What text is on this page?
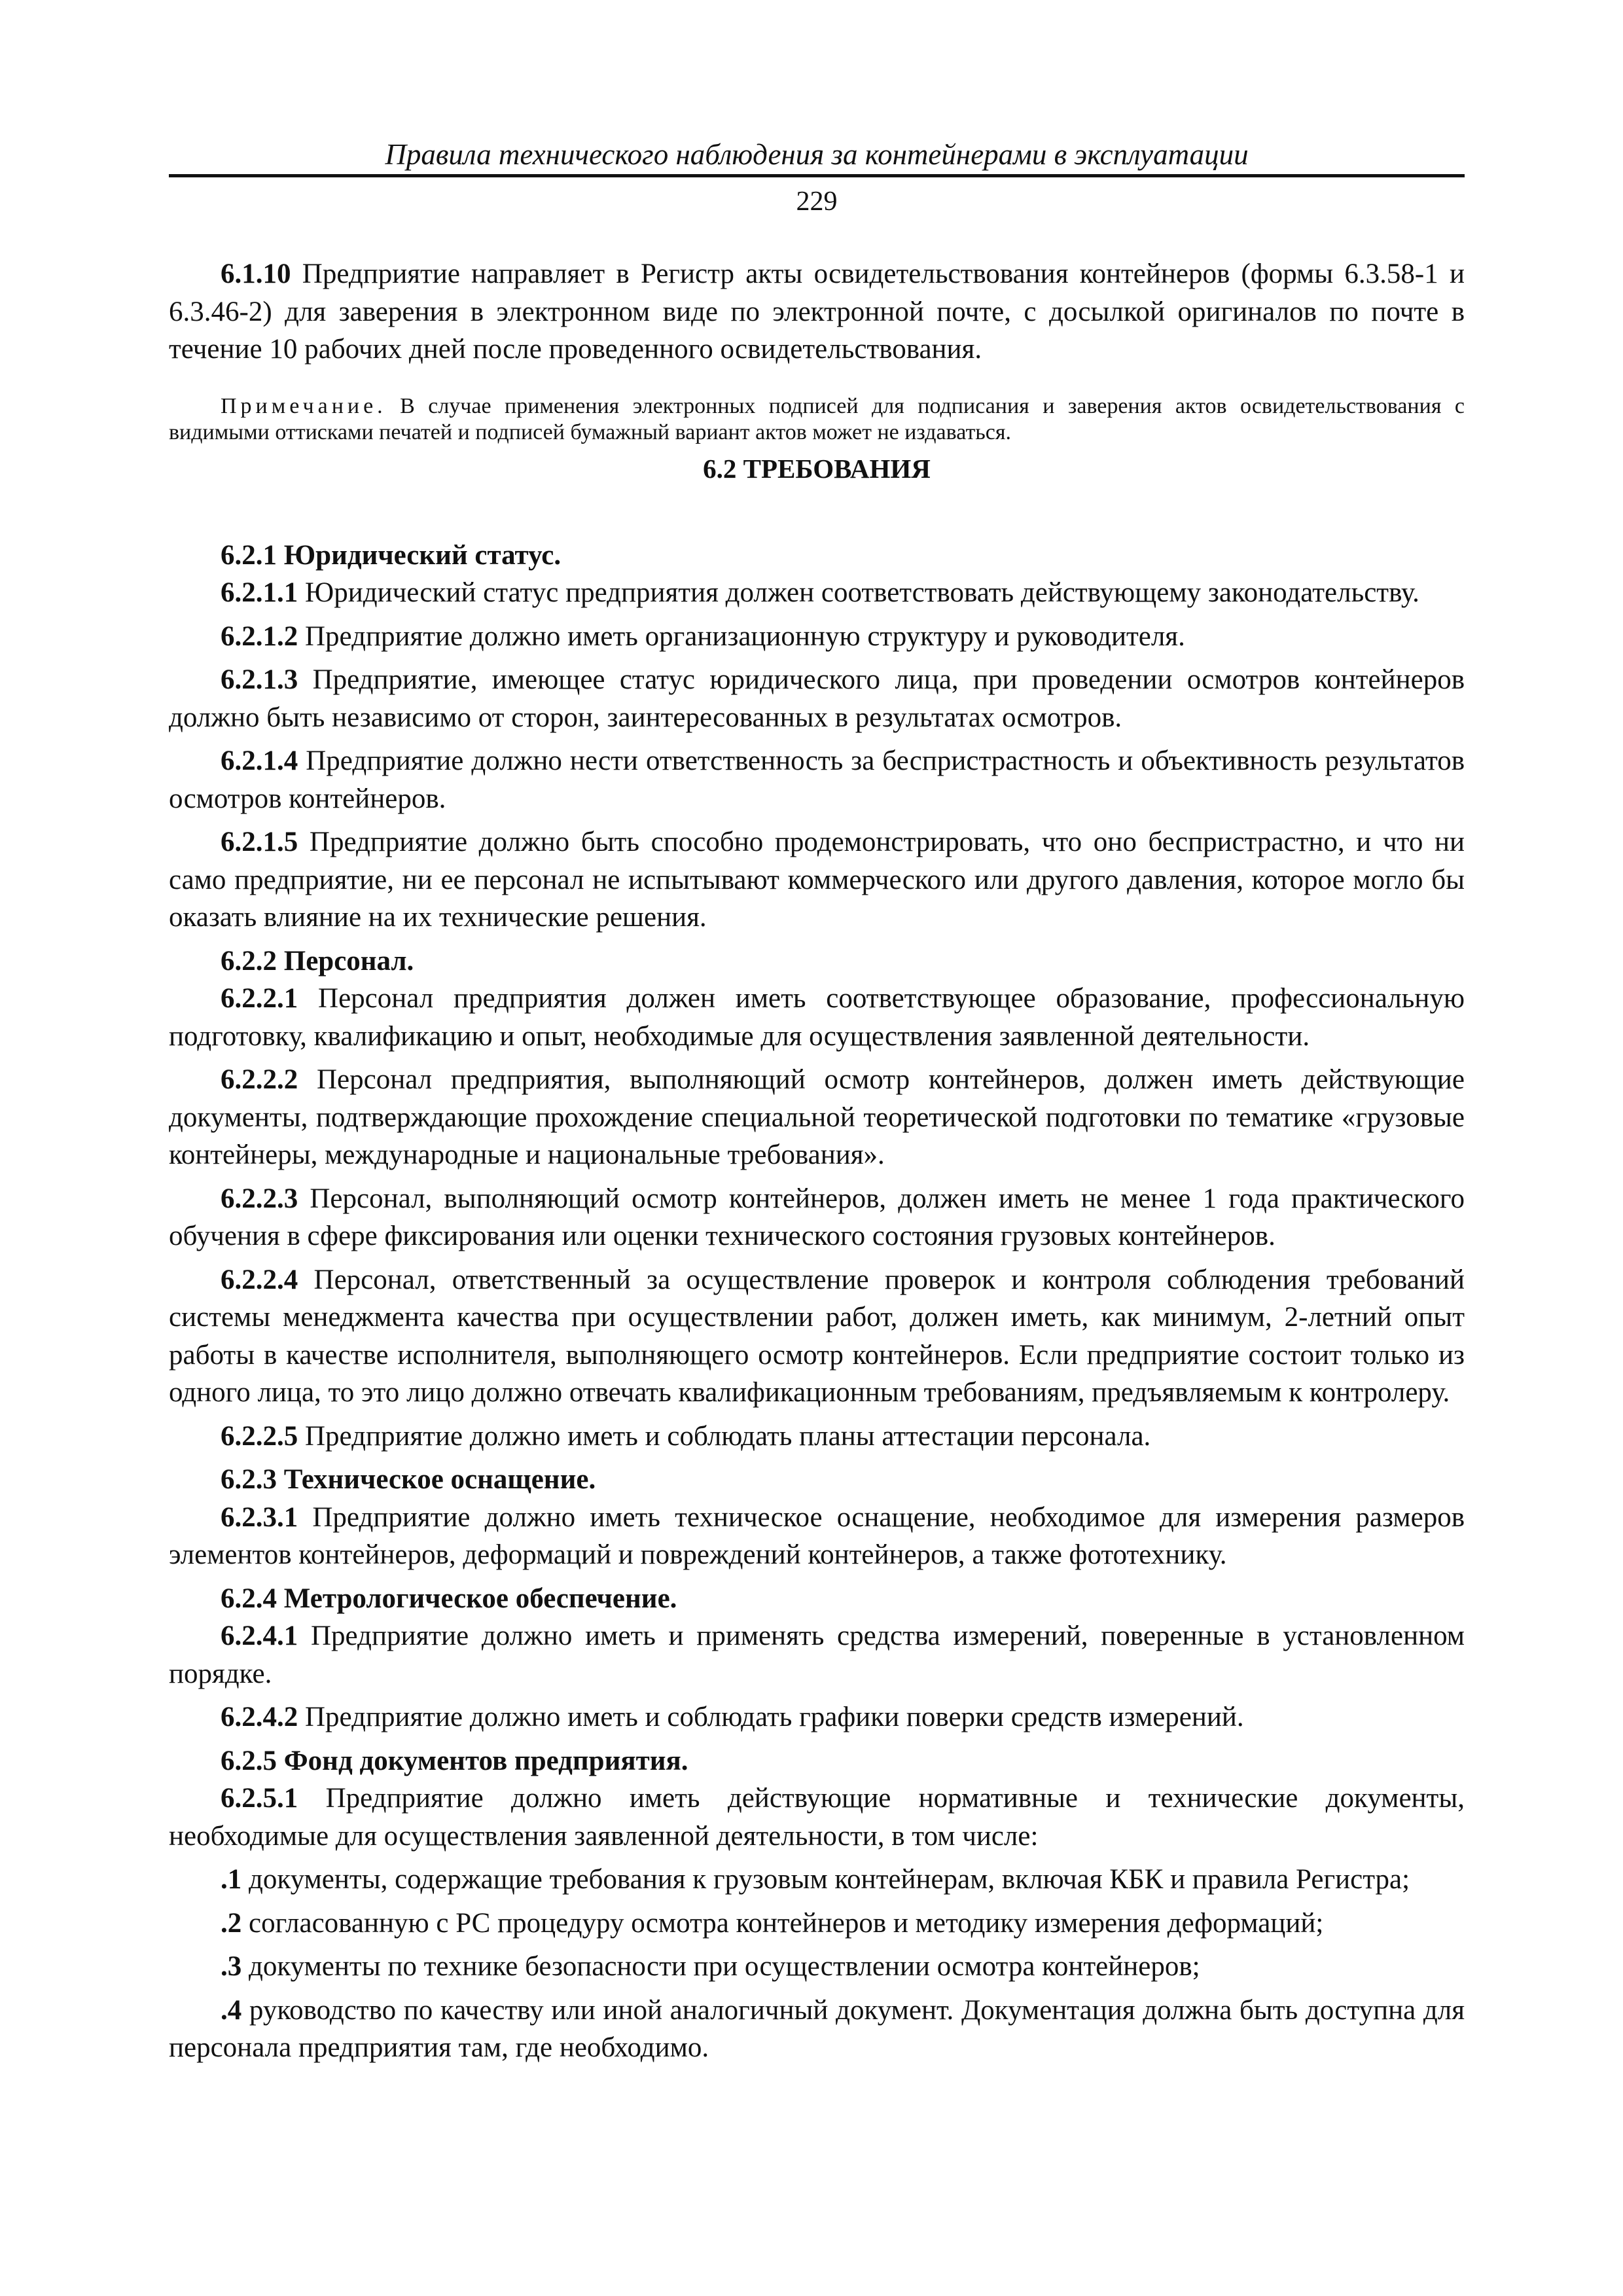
Правила технического наблюдения за контейнерами в эксплуатации
229

6.1.10 Предприятие направляет в Регистр акты освидетельствования контейнеров (формы 6.3.58-1 и 6.3.46-2) для заверения в электронном виде по электронной почте, с досылкой оригиналов по почте в течение 10 рабочих дней после проведенного освидетельствования.

Примечание. В случае применения электронных подписей для подписания и заверения актов освидетельствования с видимыми оттисками печатей и подписей бумажный вариант актов может не издаваться.

6.2 ТРЕБОВАНИЯ

6.2.1 Юридический статус.

6.2.1.1 Юридический статус предприятия должен соответствовать действующему законодательству.

6.2.1.2 Предприятие должно иметь организационную структуру и руководителя.

6.2.1.3 Предприятие, имеющее статус юридического лица, при проведении осмотров контейнеров должно быть независимо от сторон, заинтересованных в результатах осмотров.

6.2.1.4 Предприятие должно нести ответственность за беспристрастность и объективность результатов осмотров контейнеров.

6.2.1.5 Предприятие должно быть способно продемонстрировать, что оно беспристрастно, и что ни само предприятие, ни ее персонал не испытывают коммерческого или другого давления, которое могло бы оказать влияние на их технические решения.

6.2.2 Персонал.

6.2.2.1 Персонал предприятия должен иметь соответствующее образование, профессиональную подготовку, квалификацию и опыт, необходимые для осуществления заявленной деятельности.

6.2.2.2 Персонал предприятия, выполняющий осмотр контейнеров, должен иметь действующие документы, подтверждающие прохождение специальной теоретической подготовки по тематике «грузовые контейнеры, международные и национальные требования».

6.2.2.3 Персонал, выполняющий осмотр контейнеров, должен иметь не менее 1 года практического обучения в сфере фиксирования или оценки технического состояния грузовых контейнеров.

6.2.2.4 Персонал, ответственный за осуществление проверок и контроля соблюдения требований системы менеджмента качества при осуществлении работ, должен иметь, как минимум, 2-летний опыт работы в качестве исполнителя, выполняющего осмотр контейнеров. Если предприятие состоит только из одного лица, то это лицо должно отвечать квалификационным требованиям, предъявляемым к контролеру.

6.2.2.5 Предприятие должно иметь и соблюдать планы аттестации персонала.

6.2.3 Техническое оснащение.

6.2.3.1 Предприятие должно иметь техническое оснащение, необходимое для измерения размеров элементов контейнеров, деформаций и повреждений контейнеров, а также фототехнику.

6.2.4 Метрологическое обеспечение.

6.2.4.1 Предприятие должно иметь и применять средства измерений, поверенные в установленном порядке.

6.2.4.2 Предприятие должно иметь и соблюдать графики поверки средств измерений.

6.2.5 Фонд документов предприятия.

6.2.5.1 Предприятие должно иметь действующие нормативные и технические документы, необходимые для осуществления заявленной деятельности, в том числе:

.1 документы, содержащие требования к грузовым контейнерам, включая КБК и правила Регистра;

.2 согласованную с РС процедуру осмотра контейнеров и методику измерения деформаций;

.3 документы по технике безопасности при осуществлении осмотра контейнеров;

.4 руководство по качеству или иной аналогичный документ. Документация должна быть доступна для персонала предприятия там, где необходимо.
